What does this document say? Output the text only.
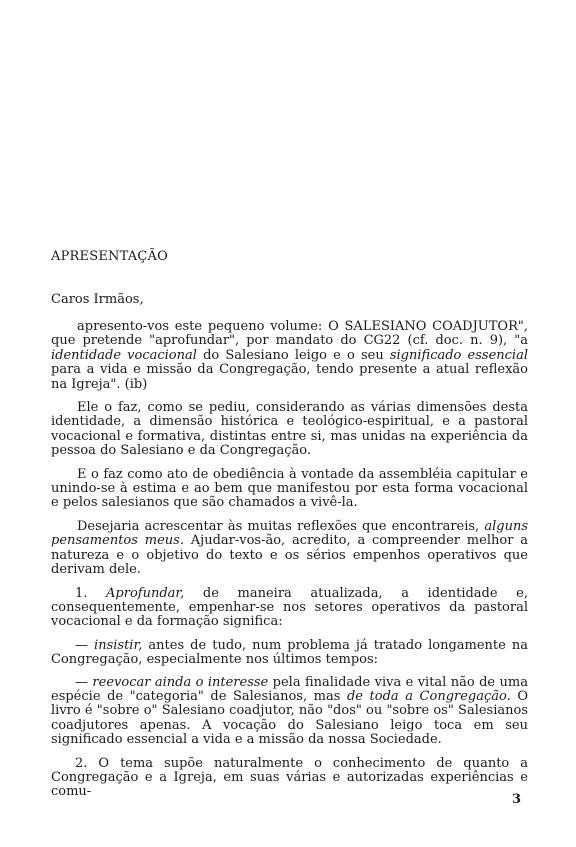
APRESENTAÇÃO

Caros Irmãos,

apresento-vos este pequeno volume: O SALESIANO COADJUTOR", que pretende "aprofundar", por mandato do CG22 (cf. doc. n. 9), "a identidade vocacional do Salesiano leigo e o seu significado essencial para a vida e missão da Congregação, tendo presente a atual reflexão na Igreja". (ib)

Ele o faz, como se pediu, considerando as várias dimensões desta identidade, a dimensão histórica e teológico-espiritual, e a pastoral vocacional e formativa, distintas entre si, mas unidas na experiência da pessoa do Salesiano e da Congregação.

E o faz como ato de obediência à vontade da assembléia capitular e unindo-se à estima e ao bem que manifestou por esta forma vocacional e pelos salesianos que são chamados a vivê-la.

Desejaria acrescentar às muitas reflexões que encontrareis, alguns pensamentos meus. Ajudar-vos-ão, acredito, a compreender melhor a natureza e o objetivo do texto e os sérios empenhos operativos que derivam dele.

1. Aprofundar, de maneira atualizada, a identidade e, consequentemente, empenhar-se nos setores operativos da pastoral vocacional e da formação significa:

— insistir, antes de tudo, num problema já tratado longamente na Congregação, especialmente nos últimos tempos:

— reevocar ainda o interesse pela finalidade viva e vital não de uma espécie de "categoria" de Salesianos, mas de toda a Congregação. O livro é "sobre o" Salesiano coadjutor, não "dos" ou "sobre os" Salesianos coadjutores apenas. A vocação do Salesiano leigo toca em seu significado essencial a vida e a missão da nossa Sociedade.

2. O tema supõe naturalmente o conhecimento de quanto a Congregação e a Igreja, em suas várias e autorizadas experiências e comu-

3
